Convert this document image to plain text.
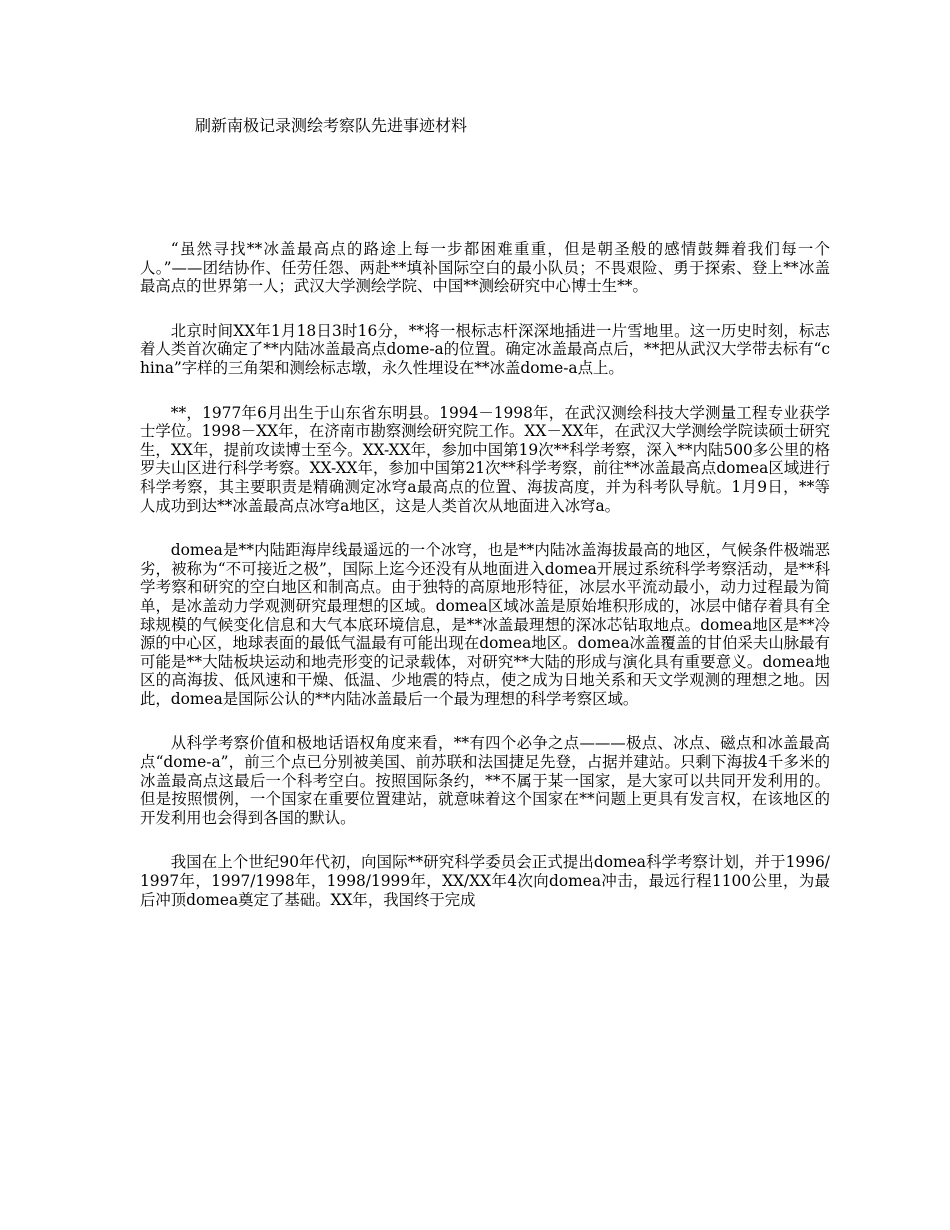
刷新南极记录测绘考察队先进事迹材料

“虽然寻找**冰盖最高点的路途上每一步都困难重重，但是朝圣般的感情鼓舞着我们每一个人。”——团结协作、任劳任怨、两赴**填补国际空白的最小队员；不畏艰险、勇于探索、登上**冰盖最高点的世界第一人；武汉大学测绘学院、中国**测绘研究中心博士生**。

北京时间XX年1月18日3时16分，**将一根标志杆深深地插进一片雪地里。这一历史时刻，标志着人类首次确定了**内陆冰盖最高点dome-a的位置。确定冰盖最高点后，**把从武汉大学带去标有“china”字样的三角架和测绘标志墩，永久性埋设在**冰盖dome-a点上。

**，1977年6月出生于山东省东明县。1994－1998年，在武汉测绘科技大学测量工程专业获学士学位。1998－XX年，在济南市勘察测绘研究院工作。XX－XX年，在武汉大学测绘学院读硕士研究生，XX年，提前攻读博士至今。XX-XX年，参加中国第19次**科学考察，深入**内陆500多公里的格罗夫山区进行科学考察。XX-XX年，参加中国第21次**科学考察，前往**冰盖最高点domea区域进行科学考察，其主要职责是精确测定冰穹a最高点的位置、海拔高度，并为科考队导航。1月9日，**等人成功到达**冰盖最高点冰穹a地区，这是人类首次从地面进入冰穹a。

domea是**内陆距海岸线最遥远的一个冰穹，也是**内陆冰盖海拔最高的地区，气候条件极端恶劣，被称为“不可接近之极”，国际上迄今还没有从地面进入domea开展过系统科学考察活动，是**科学考察和研究的空白地区和制高点。由于独特的高原地形特征，冰层水平流动最小，动力过程最为简单，是冰盖动力学观测研究最理想的区域。domea区域冰盖是原始堆积形成的，冰层中储存着具有全球规模的气候变化信息和大气本底环境信息，是**冰盖最理想的深冰芯钻取地点。domea地区是**冷源的中心区，地球表面的最低气温最有可能出现在domea地区。domea冰盖覆盖的甘伯采夫山脉最有可能是**大陆板块运动和地壳形变的记录载体，对研究**大陆的形成与演化具有重要意义。domea地区的高海拔、低风速和干燥、低温、少地震的特点，使之成为日地关系和天文学观测的理想之地。因此，domea是国际公认的**内陆冰盖最后一个最为理想的科学考察区域。

从科学考察价值和极地话语权角度来看，**有四个必争之点———极点、冰点、磁点和冰盖最高点“dome-a”，前三个点已分别被美国、前苏联和法国捷足先登，占据并建站。只剩下海拔4千多米的冰盖最高点这最后一个科考空白。按照国际条约，**不属于某一国家，是大家可以共同开发利用的。但是按照惯例，一个国家在重要位置建站，就意味着这个国家在**问题上更具有发言权，在该地区的开发利用也会得到各国的默认。

我国在上个世纪90年代初，向国际**研究科学委员会正式提出domea科学考察计划，并于1996/1997年，1997/1998年，1998/1999年，XX/XX年4次向domea冲击，最远行程1100公里，为最后冲顶domea奠定了基础。XX年，我国终于完成
